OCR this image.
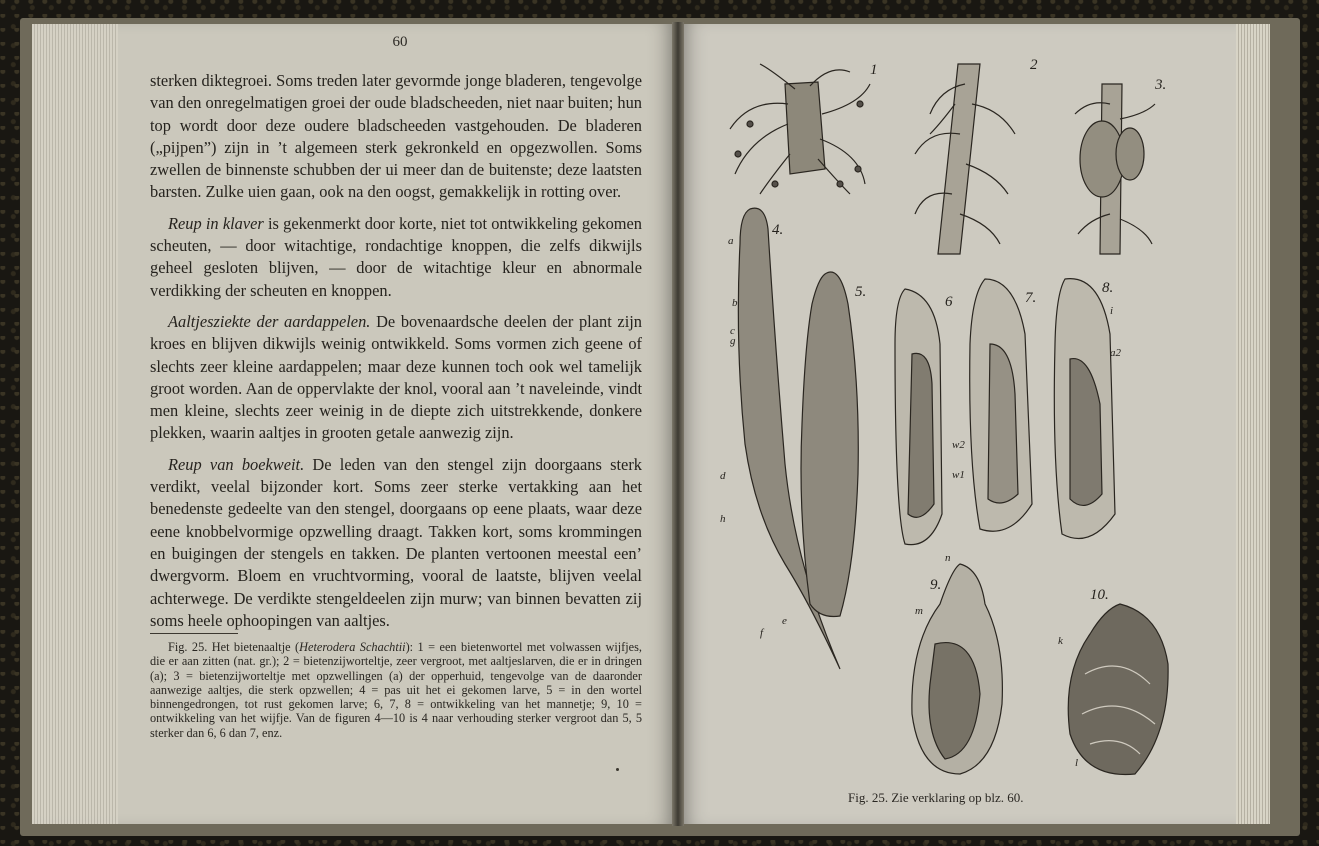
60

sterken diktegroei. Soms treden later gevormde jonge bladeren, tengevolge van den onregelmatigen groei der oude bladscheeden, niet naar buiten; hun top wordt door deze oudere bladscheeden vastgehouden. De bladeren („pijpen”) zijn in ’t algemeen sterk gekronkeld en opgezwollen. Soms zwellen de binnenste schubben der ui meer dan de buitenste; deze laatsten barsten. Zulke uien gaan, ook na den oogst, gemakkelijk in rotting over.

Reup in klaver is gekenmerkt door korte, niet tot ontwikkeling gekomen scheuten, — door witachtige, rondachtige knoppen, die zelfs dikwijls geheel gesloten blijven, — door de witachtige kleur en abnormale verdikking der scheuten en knoppen.

Aaltjesziekte der aardappelen. De bovenaardsche deelen der plant zijn kroes en blijven dikwijls weinig ontwikkeld. Soms vormen zich geene of slechts zeer kleine aardappelen; maar deze kunnen toch ook wel tamelijk groot worden. Aan de oppervlakte der knol, vooral aan ’t naveleinde, vindt men kleine, slechts zeer weinig in de diepte zich uitstrekkende, donkere plekken, waarin aaltjes in grooten getale aanwezig zijn.

Reup van boekweit. De leden van den stengel zijn doorgaans sterk verdikt, veelal bijzonder kort. Soms zeer sterke vertakking aan het benedenste gedeelte van den stengel, doorgaans op eene plaats, waar deze eene knobbelvormige opzwelling draagt. Takken kort, soms krommingen en buigingen der stengels en takken. De planten vertoonen meestal een’ dwergvorm. Bloem en vruchtvorming, vooral de laatste, blijven veelal achterwege. De verdikte stengeldeelen zijn murw; van binnen bevatten zij soms heele ophoopingen van aaltjes.

Fig. 25. Het bietenaaltje (Heterodera Schachtii): 1 = een bietenwortel met volwassen wijfjes, die er aan zitten (nat. gr.); 2 = bietenzijworteltje, zeer vergroot, met aaltjeslarven, die er in dringen (a); 3 = bietenzijworteltje met opzwellingen (a) der opperhuid, tengevolge van de daaronder aanwezige aaltjes, die sterk opzwellen; 4 = pas uit het ei gekomen larve, 5 = in den wortel binnengedrongen, tot rust gekomen larve; 6, 7, 8 = ontwikkeling van het mannetje; 9, 10 = ontwikkeling van het wijfje. Van de figuren 4—10 is 4 naar verhouding sterker vergroot dan 5, 5 sterker dan 6, 6 dan 7, enz.

1	2
3.
4.
5.
6	7.
8.
9.
10.
a
b
c
d
e
f
g
h
i
k
l
m
n
w1
w2
a2
Fig. 25. Zie verklaring op blz. 60.
